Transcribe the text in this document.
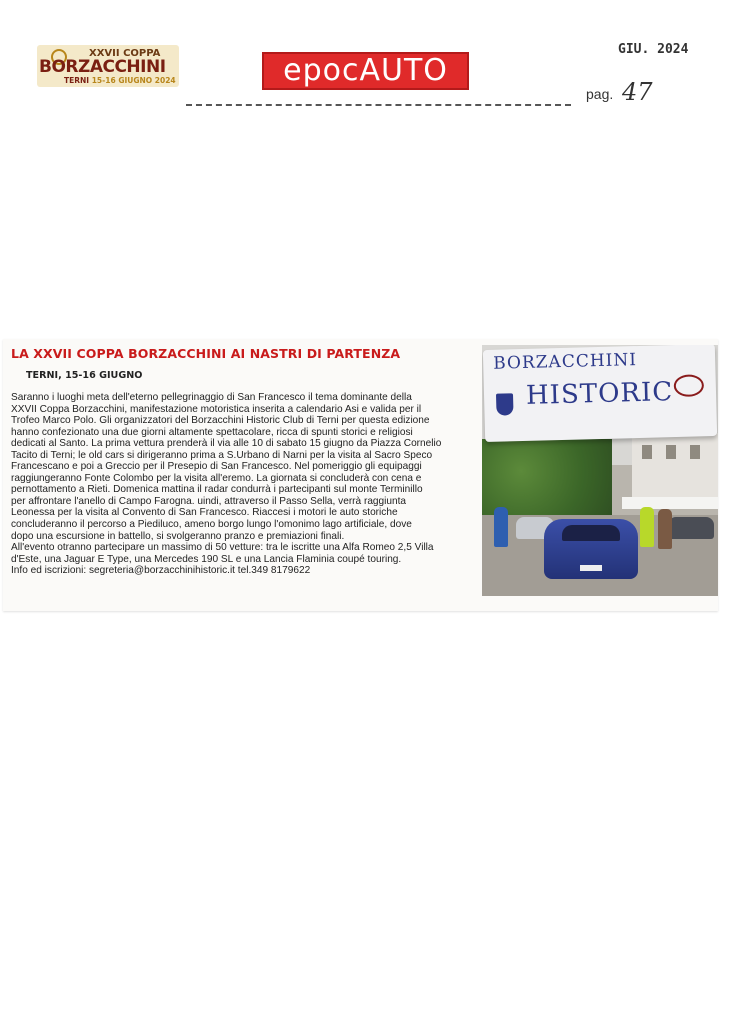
XXVII COPPA
BORZACCHINI
TERNI 15-16 GIUGNO 2024	epocAUTO
GIU. 2024
pag. 47
LA XXVII COPPA BORZACCHINI AI NASTRI DI PARTENZA
TERNI, 15-16 GIUGNO
Saranno i luoghi meta dell'eterno pellegrinaggio di San Francesco il tema dominante della
XXVII Coppa Borzacchini, manifestazione motoristica inserita a calendario Asi e valida per il
Trofeo Marco Polo. Gli organizzatori del Borzacchini Historic Club di Terni per questa edizione
hanno confezionato una due giorni altamente spettacolare, ricca di spunti storici e religiosi
dedicati al Santo. La prima vettura prenderà il via alle 10 di sabato 15 giugno da Piazza Cornelio
Tacito di Terni; le old cars si dirigeranno prima a S.Urbano di Narni per la visita al Sacro Speco
Francescano e poi a Greccio per il Presepio di San Francesco. Nel pomeriggio gli equipaggi
raggiungeranno Fonte Colombo per la visita all'eremo. La giornata si concluderà con cena e
pernottamento a Rieti. Domenica mattina il radar condurrà i partecipanti sul monte Terminillo
per affrontare l'anello di Campo Farogna. uindi, attraverso il Passo Sella, verrà raggiunta
Leonessa per la visita al Convento di San Francesco. Riaccesi i motori le auto storiche
concluderanno il percorso a Piediluco, ameno borgo lungo l'omonimo lago artificiale, dove
dopo una escursione in battello, si svolgeranno pranzo e premiazioni finali.
All'evento otranno partecipare un massimo di 50 vetture: tra le iscritte una Alfa Romeo 2,5 Villa
d'Este, una Jaguar E Type, una Mercedes 190 SL e una Lancia Flaminia coupé touring.
Info ed iscrizioni: segreteria@borzacchinihistoric.it tel.349 8179622
BORZACCHINI
HISTORIC
